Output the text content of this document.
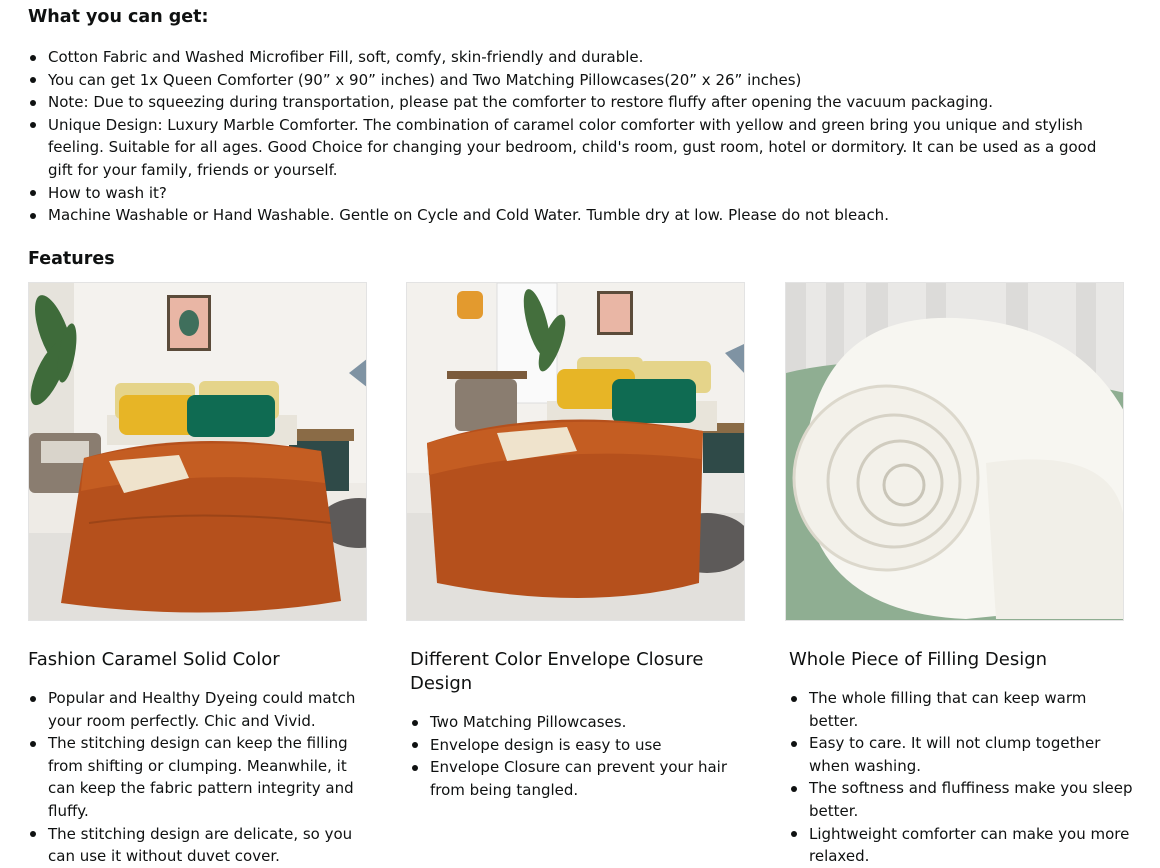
What you can get:
Cotton Fabric and Washed Microfiber Fill, soft, comfy, skin-friendly and durable.
You can get 1x Queen Comforter (90” x 90” inches) and Two Matching Pillowcases(20” x 26” inches)
Note: Due to squeezing during transportation, please pat the comforter to restore fluffy after opening the vacuum packaging.
Unique Design: Luxury Marble Comforter. The combination of caramel color comforter with yellow and green bring you unique and stylish feeling. Suitable for all ages. Good Choice for changing your bedroom, child's room, gust room, hotel or dormitory. It can be used as a good gift for your family, friends or yourself.
How to wash it?
Machine Washable or Hand Washable. Gentle on Cycle and Cold Water. Tumble dry at low. Please do not bleach.
Features
Fashion Caramel Solid Color
Popular and Healthy Dyeing could match your room perfectly. Chic and Vivid.
The stitching design can keep the filling from shifting or clumping. Meanwhile, it can keep the fabric pattern integrity and fluffy.
The stitching design are delicate, so you can use it without duvet cover.
Different Color Envelope Closure Design
Two Matching Pillowcases.
Envelope design is easy to use
Envelope Closure can prevent your hair from being tangled.
Whole Piece of Filling Design
The whole filling that can keep warm better.
Easy to care. It will not clump together when washing.
The softness and fluffiness make you sleep better.
Lightweight comforter can make you more relaxed.
